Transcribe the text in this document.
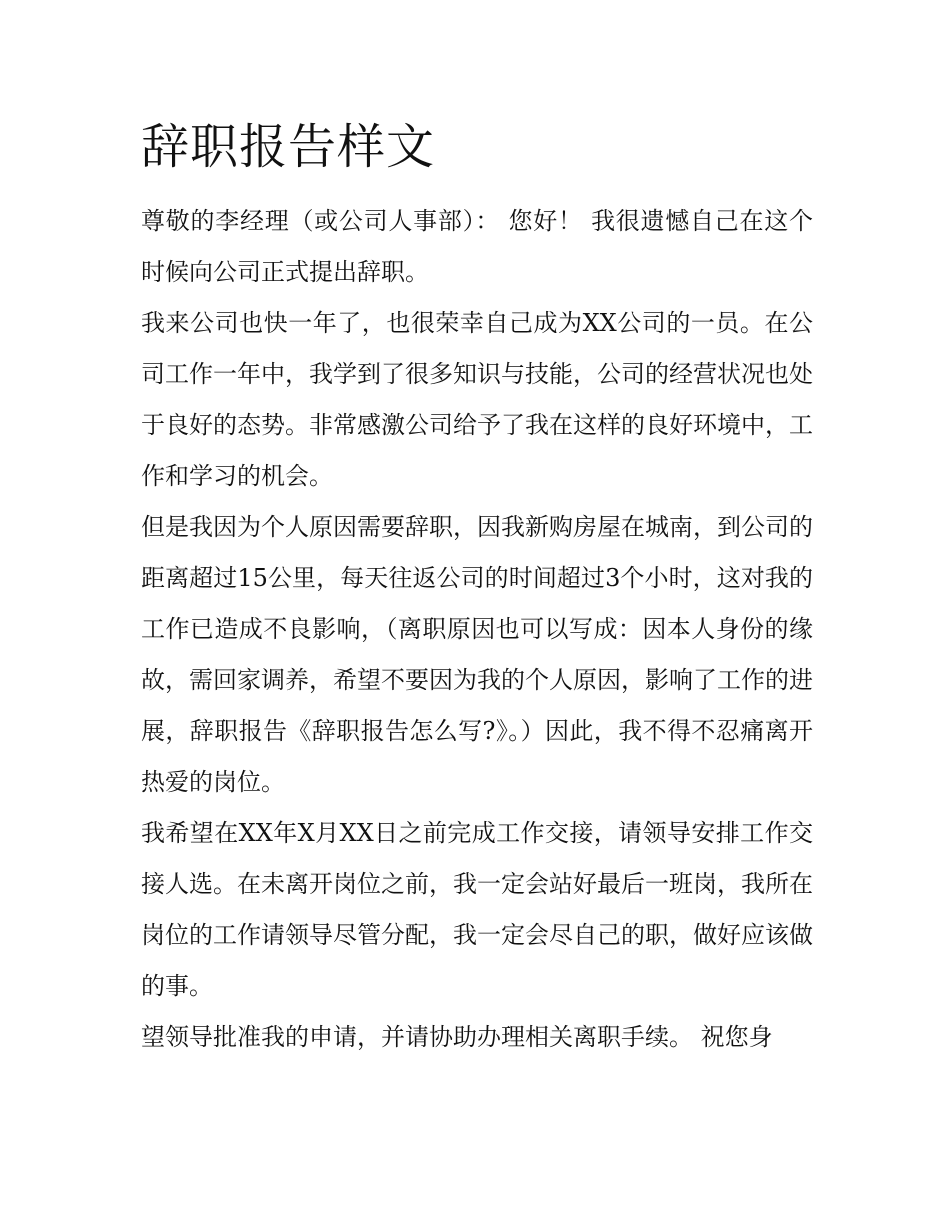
辞职报告样文

尊敬的李经理（或公司人事部）： 您好！ 我很遗憾自己在这个时候向公司正式提出辞职。

我来公司也快一年了，也很荣幸自己成为XX公司的一员。在公司工作一年中，我学到了很多知识与技能，公司的经营状况也处于良好的态势。非常感激公司给予了我在这样的良好环境中，工作和学习的机会。

但是我因为个人原因需要辞职，因我新购房屋在城南，到公司的距离超过15公里，每天往返公司的时间超过3个小时，这对我的工作已造成不良影响，（离职原因也可以写成：因本人身份的缘故，需回家调养，希望不要因为我的个人原因，影响了工作的进展，辞职报告《辞职报告怎么写?》。）因此，我不得不忍痛离开热爱的岗位。

我希望在XX年X月XX日之前完成工作交接，请领导安排工作交接人选。在未离开岗位之前，我一定会站好最后一班岗，我所在岗位的工作请领导尽管分配，我一定会尽自己的职，做好应该做的事。

望领导批准我的申请，并请协助办理相关离职手续。 祝您身
